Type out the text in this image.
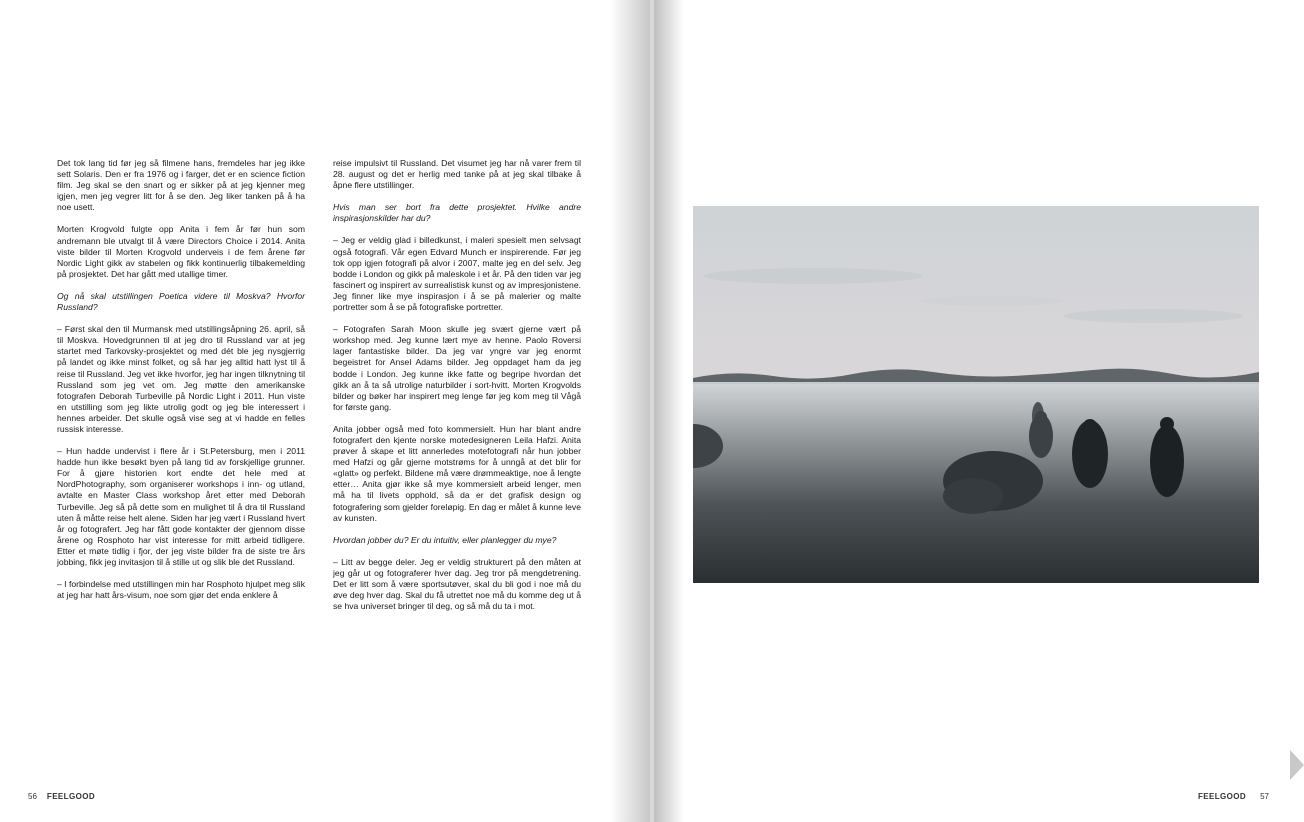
Det tok lang tid før jeg så filmene hans, fremdeles har jeg ikke sett Solaris. Den er fra 1976 og i farger, det er en science fiction film. Jeg skal se den snart og er sikker på at jeg kjenner meg igjen, men jeg vegrer litt for å se den. Jeg liker tanken på å ha noe usett.

Morten Krogvold fulgte opp Anita i fem år før hun som andremann ble utvalgt til å være Directors Choice i 2014. Anita viste bilder til Morten Krogvold underveis i de fem årene før Nordic Light gikk av stabelen og fikk kontinuerlig tilbakemelding på prosjektet. Det har gått med utallige timer.

Og nå skal utstillingen Poetica videre til Moskva? Hvorfor Russland?

– Først skal den til Murmansk med utstillingsåpning 26. april, så til Moskva. Hovedgrunnen til at jeg dro til Russland var at jeg startet med Tarkovsky-prosjektet og med dét ble jeg nysgjerrig på landet og ikke minst folket, og så har jeg alltid hatt lyst til å reise til Russland. Jeg vet ikke hvorfor, jeg har ingen tilknytning til Russland som jeg vet om. Jeg møtte den amerikanske fotografen Deborah Turbeville på Nordic Light i 2011. Hun viste en utstilling som jeg likte utrolig godt og jeg ble interessert i hennes arbeider. Det skulle også vise seg at vi hadde en felles russisk interesse.

– Hun hadde undervist i flere år i St.Petersburg, men i 2011 hadde hun ikke besøkt byen på lang tid av forskjellige grunner. For å gjøre historien kort endte det hele med at NordPhotography, som organiserer workshops i inn- og utland, avtalte en Master Class workshop året etter med Deborah Turbeville. Jeg så på dette som en mulighet til å dra til Russland uten å måtte reise helt alene. Siden har jeg vært i Russland hvert år og fotografert. Jeg har fått gode kontakter der gjennom disse årene og Rosphoto har vist interesse for mitt arbeid tidligere. Etter et møte tidlig i fjor, der jeg viste bilder fra de siste tre års jobbing, fikk jeg invitasjon til å stille ut og slik ble det Russland.

– I forbindelse med utstillingen min har Rosphoto hjulpet meg slik at jeg har hatt års-visum, noe som gjør det enda enklere å

reise impulsivt til Russland. Det visumet jeg har nå varer frem til 28. august og det er herlig med tanke på at jeg skal tilbake å åpne flere utstillinger.

Hvis man ser bort fra dette prosjektet. Hvilke andre inspirasjonskilder har du?

– Jeg er veldig glad i billedkunst, i maleri spesielt men selvsagt også fotografi. Vår egen Edvard Munch er inspirerende. Før jeg tok opp igjen fotografi på alvor i 2007, malte jeg en del selv. Jeg bodde i London og gikk på maleskole i et år. På den tiden var jeg fascinert og inspirert av surrealistisk kunst og av impresjonistene. Jeg finner like mye inspirasjon i å se på malerier og malte portretter som å se på fotografiske portretter.

– Fotografen Sarah Moon skulle jeg svært gjerne vært på workshop med. Jeg kunne lært mye av henne. Paolo Roversi lager fantastiske bilder. Da jeg var yngre var jeg enormt begeistret for Ansel Adams bilder. Jeg oppdaget ham da jeg bodde i London. Jeg kunne ikke fatte og begripe hvordan det gikk an å ta så utrolige naturbilder i sort-hvitt. Morten Krogvolds bilder og bøker har inspirert meg lenge før jeg kom meg til Vågå for første gang.

Anita jobber også med foto kommersielt. Hun har blant andre fotografert den kjente norske motedesigneren Leila Hafzi. Anita prøver å skape et litt annerledes motefotografi når hun jobber med Hafzi og går gjerne motstrøms for å unngå at det blir for «glatt» og perfekt. Bildene må være drømmeaktige, noe å lengte etter… Anita gjør ikke så mye kommersielt arbeid lenger, men må ha til livets opphold, så da er det grafisk design og fotografering som gjelder foreløpig. En dag er målet å kunne leve av kunsten.

Hvordan jobber du? Er du intuitiv, eller planlegger du mye?

– Litt av begge deler. Jeg er veldig strukturert på den måten at jeg går ut og fotograferer hver dag. Jeg tror på mengdetrening. Det er litt som å være sportsutøver, skal du bli god i noe må du øve deg hver dag. Skal du få utrettet noe må du komme deg ut å se hva universet bringer til deg, og så må du ta i mot.

56 FEELGOOD	FEELGOOD 57
